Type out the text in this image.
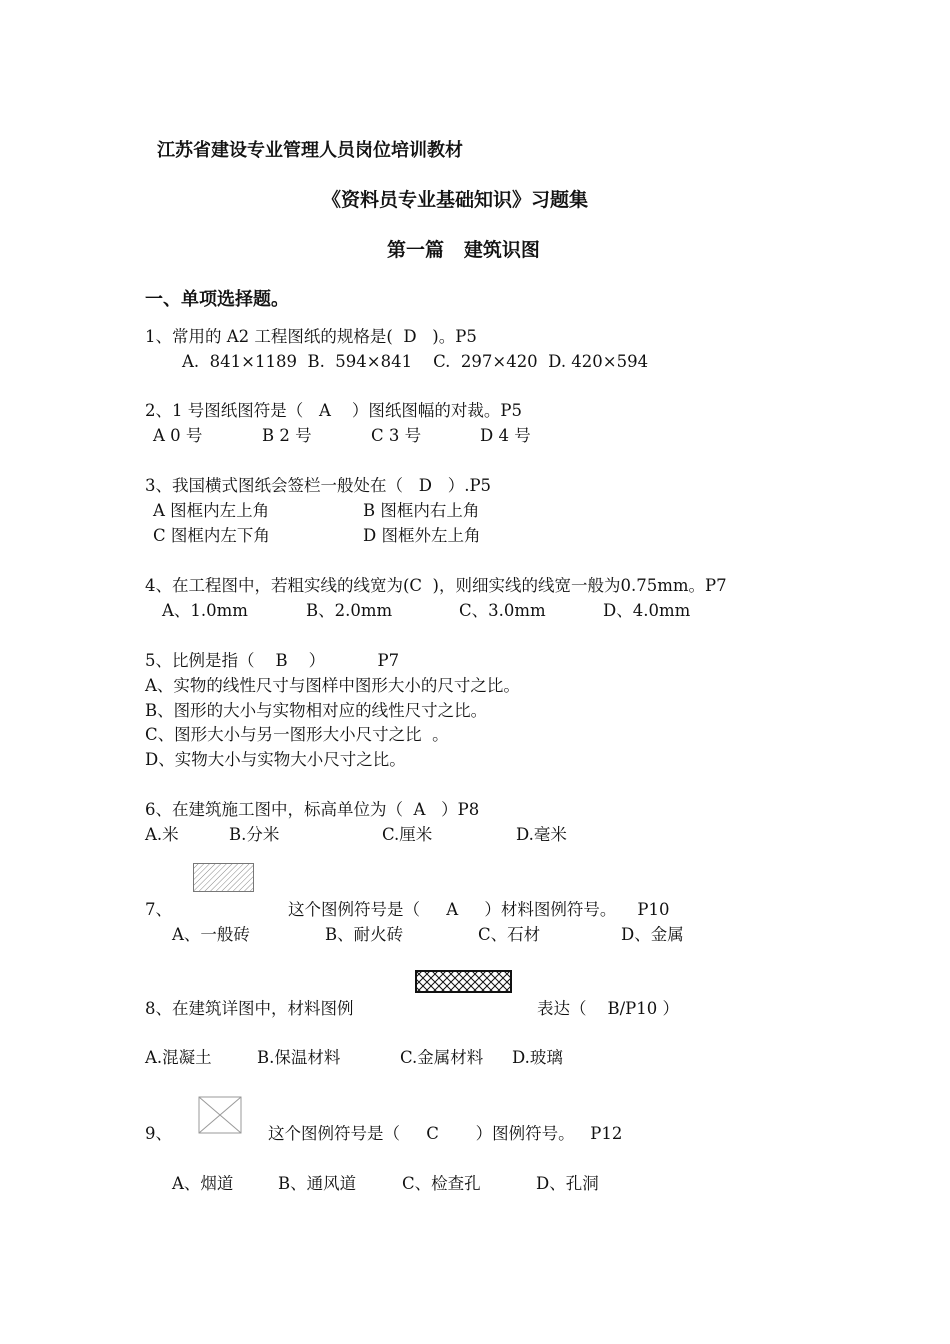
江苏省建设专业管理人员岗位培训教材
《资料员专业基础知识》习题集
第一篇   建筑识图
一、单项选择题。
1、常用的 A2 工程图纸的规格是(  D   )。P5
A.  841×1189  B.  594×841    C.  297×420  D. 420×594
2、1 号图纸图符是（   A    ）图纸图幅的对裁。P5
A 0 号	B 2 号	C 3 号	D 4 号
3、我国横式图纸会签栏一般处在（   D   ）.P5
A 图框内左上角	B 图框内右上角
C 图框内左下角	D 图框外左上角
4、在工程图中，若粗实线的线宽为(C  )，则细实线的线宽一般为0.75mm。P7
A、1.0mm	B、2.0mm	C、3.0mm	D、4.0mm
5、比例是指（    B    ）          P7
A、实物的线性尺寸与图样中图形大小的尺寸之比。
B、图形的大小与实物相对应的线性尺寸之比。
C、图形大小与另一图形大小尺寸之比  。
D、实物大小与实物大小尺寸之比。
6、在建筑施工图中，标高单位为（  A   ）P8
A.米	B.分米	C.厘米	D.毫米
7、	这个图例符号是（     A     ）材料图例符号。    P10
A、一般砖	B、耐火砖	C、石材	D、金属
8、在建筑详图中，材料图例	表达（    B/P10 ）
A.混凝土	B.保温材料	C.金属材料 D.玻璃
9、	这个图例符号是（     C       ）图例符号。   P12
A、烟道	B、通风道	C、检查孔	D、孔洞
